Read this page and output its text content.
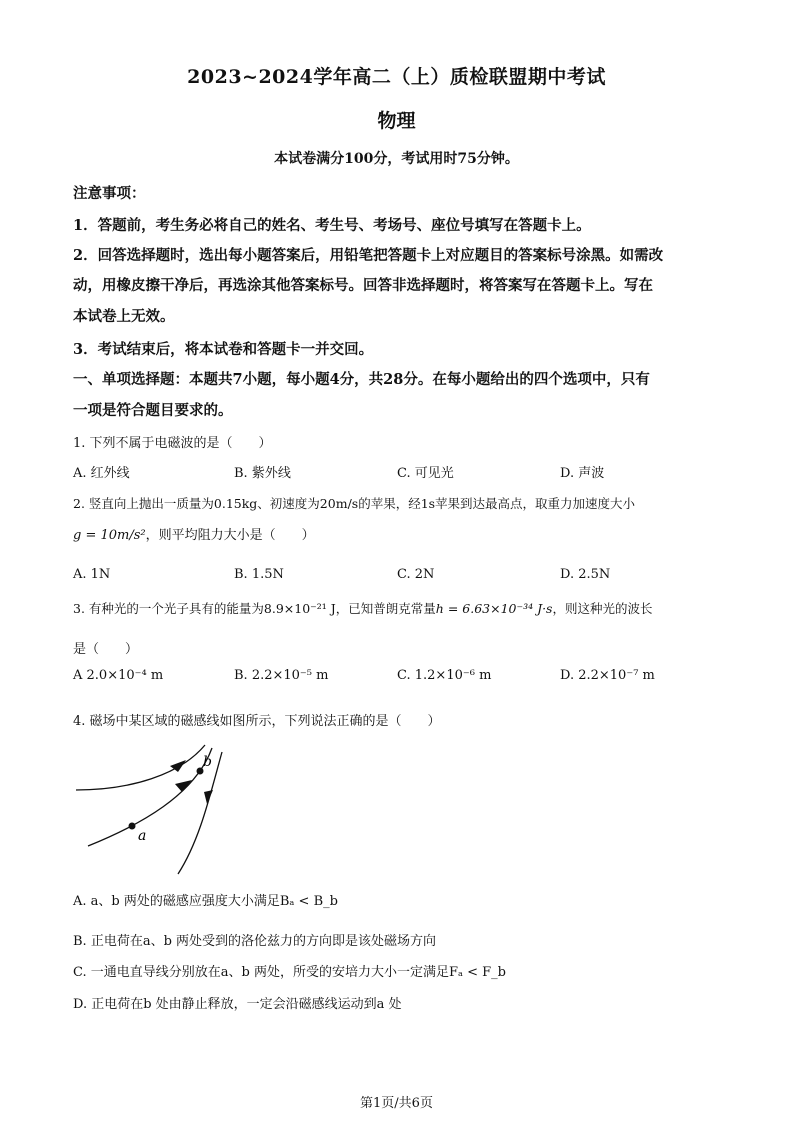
2023~2024学年高二（上）质检联盟期中考试
物理
本试卷满分100分，考试用时75分钟。
注意事项：
1．答题前，考生务必将自己的姓名、考生号、考场号、座位号填写在答题卡上。
2．回答选择题时，选出每小题答案后，用铅笔把答题卡上对应题目的答案标号涂黑。如需改
动，用橡皮擦干净后，再选涂其他答案标号。回答非选择题时，将答案写在答题卡上。写在
本试卷上无效。
3．考试结束后，将本试卷和答题卡一并交回。
一、单项选择题：本题共7小题，每小题4分，共28分。在每小题给出的四个选项中，只有
一项是符合题目要求的。
1. 下列不属于电磁波的是（　　）
A. 红外线	B. 紫外线	C. 可见光	D. 声波
2. 竖直向上抛出一质量为0.15kg、初速度为20m/s的苹果，经1s苹果到达最高点，取重力加速度大小
g = 10m/s²，则平均阻力大小是（　　）
A. 1N	B. 1.5N	C. 2N	D. 2.5N
3. 有种光的一个光子具有的能量为8.9×10⁻²¹ J，已知普朗克常量h = 6.63×10⁻³⁴ J·s，则这种光的波长
是（　　）
A 2.0×10⁻⁴ m	B. 2.2×10⁻⁵ m	C. 1.2×10⁻⁶ m	D. 2.2×10⁻⁷ m
4. 磁场中某区域的磁感线如图所示，下列说法正确的是（　　）
a
b
A. a、b 两处的磁感应强度大小满足Bₐ < B_b
B. 正电荷在a、b 两处受到的洛伦兹力的方向即是该处磁场方向
C. 一通电直导线分别放在a、b 两处，所受的安培力大小一定满足Fₐ < F_b
D. 正电荷在b 处由静止释放，一定会沿磁感线运动到a 处
第1页/共6页
